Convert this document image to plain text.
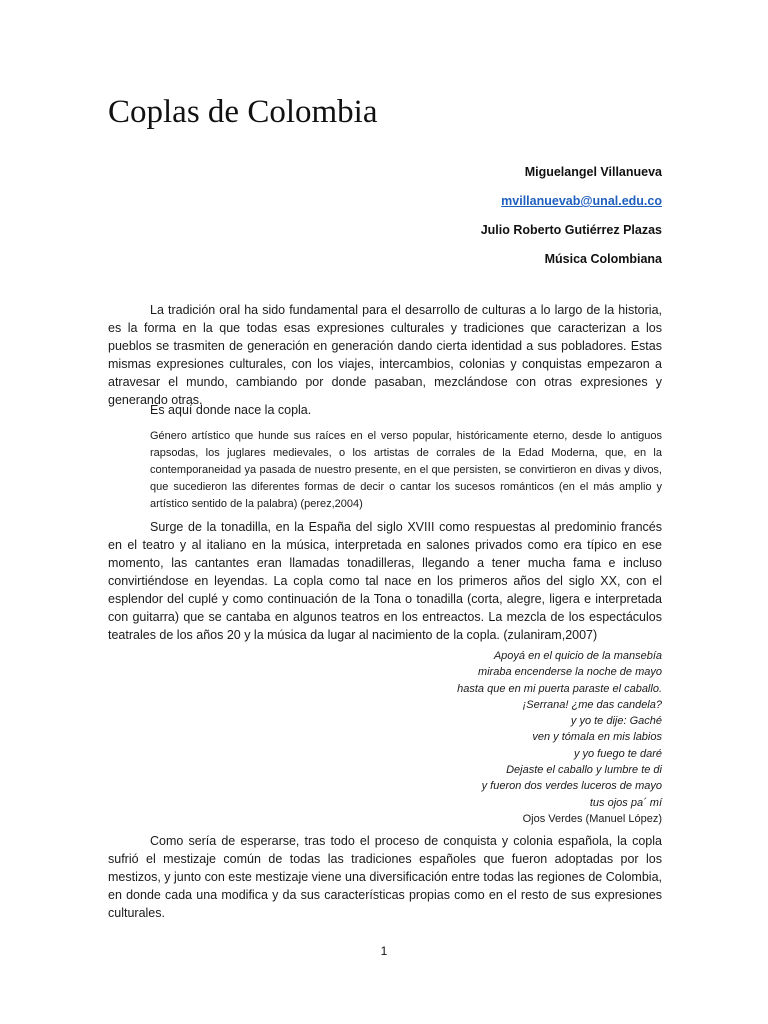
Coplas de Colombia
Miguelangel Villanueva
mvillanuevab@unal.edu.co
Julio Roberto Gutiérrez Plazas
Música Colombiana

La tradición oral ha sido fundamental para el desarrollo de culturas a lo largo de la historia, es la forma en la que todas esas expresiones culturales y tradiciones que caracterizan a los pueblos se trasmiten de generación en generación dando cierta identidad a sus pobladores. Estas mismas expresiones culturales, con los viajes, intercambios, colonias y conquistas empezaron a atravesar el mundo, cambiando por donde pasaban, mezclándose con otras expresiones y generando otras.

Es aquí donde nace la copla.

Género artístico que hunde sus raíces en el verso popular, históricamente eterno, desde lo antiguos rapsodas, los juglares medievales, o los artistas de corrales de la Edad Moderna, que, en la contemporaneidad ya pasada de nuestro presente, en el que persisten, se convirtieron en divas y divos, que sucedieron las diferentes formas de decir o cantar los sucesos románticos (en el más amplio y artístico sentido de la palabra) (perez,2004)

Surge de la tonadilla, en la España del siglo XVIII como respuestas al predominio francés en el teatro y al italiano en la música, interpretada en salones privados como era típico en ese momento, las cantantes eran llamadas tonadilleras, llegando a tener mucha fama e incluso convirtiéndose en leyendas. La copla como tal nace en los primeros años del siglo XX, con el esplendor del cuplé y como continuación de la Tona o tonadilla (corta, alegre, ligera e interpretada con guitarra) que se cantaba en algunos teatros en los entreactos. La mezcla de los espectáculos teatrales de los años 20 y la música da lugar al nacimiento de la copla. (zulaniram,2007)

Apoyá en el quicio de la mansebía
miraba encenderse la noche de mayo
hasta que en mi puerta paraste el caballo.
¡Serrana! ¿me das candela?
y yo te dije: Gaché
ven y tómala en mis labios
y yo fuego te daré
Dejaste el caballo y lumbre te di
y fueron dos verdes luceros de mayo
tus ojos pa´ mí
Ojos Verdes (Manuel López)

Como sería de esperarse, tras todo el proceso de conquista y colonia española, la copla sufrió el mestizaje común de todas las tradiciones españoles que fueron adoptadas por los mestizos, y junto con este mestizaje viene una diversificación entre todas las regiones de Colombia, en donde cada una modifica y da sus características propias como en el resto de sus expresiones culturales.

1
